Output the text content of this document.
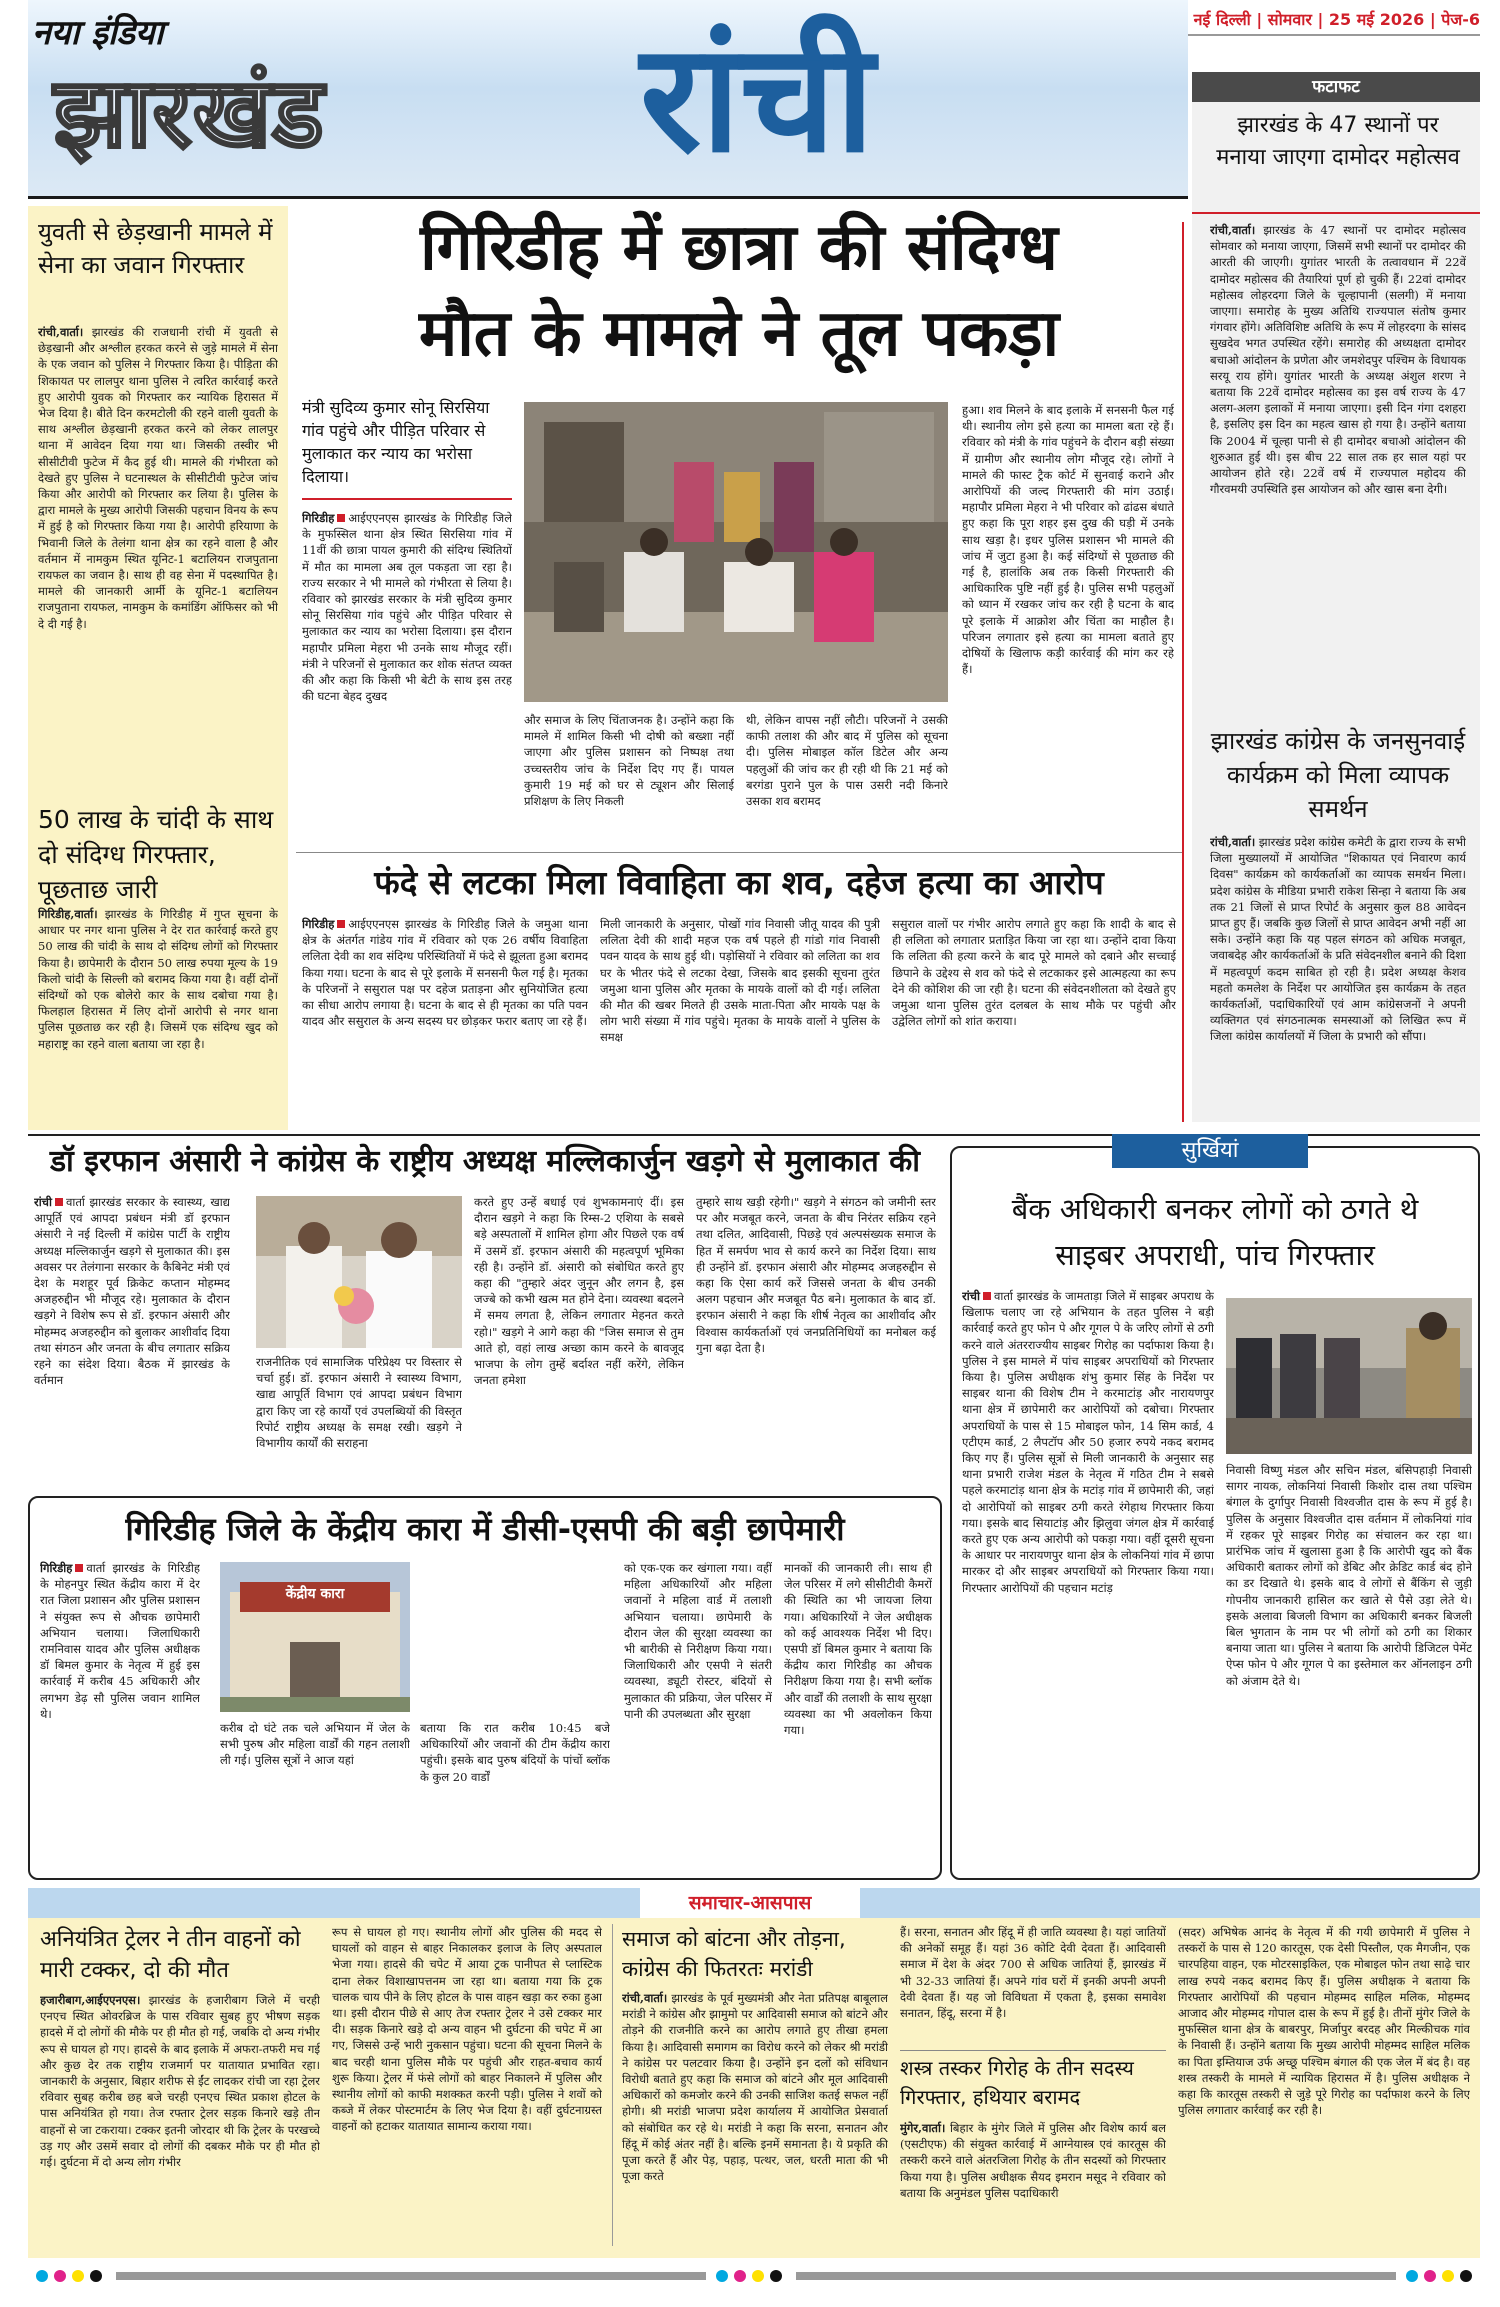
नया इंडिया
झारखंड रांची	नई दिल्ली | सोमवार | 25 मई 2026 | पेज-6
फटाफट
झारखंड के 47 स्थानों पर मनाया जाएगा दामोदर महोत्सव
रांची,वार्ता। झारखंड के 47 स्थानों पर दामोदर महोत्सव सोमवार को मनाया जाएगा, जिसमें सभी स्थानों पर दामोदर की आरती की जाएगी। युगांतर भारती के तत्वावधान में 22वें दामोदर महोत्सव की तैयारियां पूर्ण हो चुकी हैं। 22वां दामोदर महोत्सव लोहरदगा जिले के चूल्हापानी (सलगी) में मनाया जाएगा। समारोह के मुख्य अतिथि राज्यपाल संतोष कुमार गंगवार होंगे। अतिविशिष्ट अतिथि के रूप में लोहरदगा के सांसद सुखदेव भगत उपस्थित रहेंगे। समारोह की अध्यक्षता दामोदर बचाओ आंदोलन के प्रणेता और जमशेदपुर पश्चिम के विधायक सरयू राय होंगे। युगांतर भारती के अध्यक्ष अंशुल शरण ने बताया कि 22वें दामोदर महोत्सव का इस वर्ष राज्य के 47 अलग-अलग इलाकों में मनाया जाएगा। इसी दिन गंगा दशहरा है, इसलिए इस दिन का महत्व खास हो गया है। उन्होंने बताया कि 2004 में चूल्हा पानी से ही दामोदर बचाओ आंदोलन की शुरुआत हुई थी। इस बीच 22 साल तक हर साल यहां पर आयोजन होते रहे। 22वें वर्ष में राज्यपाल महोदय की गौरवमयी उपस्थिति इस आयोजन को और खास बना देगी।
झारखंड कांग्रेस के जनसुनवाई कार्यक्रम को मिला व्यापक समर्थन
रांची,वार्ता। झारखंड प्रदेश कांग्रेस कमेटी के द्वारा राज्य के सभी जिला मुख्यालयों में आयोजित "शिकायत एवं निवारण कार्य दिवस" कार्यक्रम को कार्यकर्ताओं का व्यापक समर्थन मिला। प्रदेश कांग्रेस के मीडिया प्रभारी राकेश सिन्हा ने बताया कि अब तक 21 जिलों से प्राप्त रिपोर्ट के अनुसार कुल 88 आवेदन प्राप्त हुए हैं। जबकि कुछ जिलों से प्राप्त आवेदन अभी नहीं आ सके। उन्होंने कहा कि यह पहल संगठन को अधिक मजबूत, जवाबदेह और कार्यकर्ताओं के प्रति संवेदनशील बनाने की दिशा में महत्वपूर्ण कदम साबित हो रही है। प्रदेश अध्यक्ष केशव महतो कमलेश के निर्देश पर आयोजित इस कार्यक्रम के तहत कार्यकर्ताओं, पदाधिकारियों एवं आम कांग्रेसजनों ने अपनी व्यक्तिगत एवं संगठनात्मक समस्याओं को लिखित रूप में जिला कांग्रेस कार्यालयों में जिला के प्रभारी को सौंपा।
युवती से छेड़खानी मामले में सेना का जवान गिरफ्तार
रांची,वार्ता। झारखंड की राजधानी रांची में युवती से छेड़खानी और अश्लील हरकत करने से जुड़े मामले में सेना के एक जवान को पुलिस ने गिरफ्तार किया है। पीड़िता की शिकायत पर लालपुर थाना पुलिस ने त्वरित कार्रवाई करते हुए आरोपी युवक को गिरफ्तार कर न्यायिक हिरासत में भेज दिया है। बीते दिन करमटोली की रहने वाली युवती के साथ अश्लील छेड़खानी हरकत करने को लेकर लालपुर थाना में आवेदन दिया गया था। जिसकी तस्वीर भी सीसीटीवी फुटेज में कैद हुई थी। मामले की गंभीरता को देखते हुए पुलिस ने घटनास्थल के सीसीटीवी फुटेज जांच किया और आरोपी को गिरफ्तार कर लिया है। पुलिस के द्वारा मामले के मुख्य आरोपी जिसकी पहचान विनय के रूप में हुई है को गिरफ्तार किया गया है। आरोपी हरियाणा के भिवानी जिले के तेलंगा थाना क्षेत्र का रहने वाला है और वर्तमान में नामकुम स्थित यूनिट-1 बटालियन राजपुताना रायफल का जवान है। साथ ही वह सेना में पदस्थापित है। मामले की जानकारी आर्मी के यूनिट-1 बटालियन राजपुताना रायफल, नामकुम के कमांडिंग ऑफिसर को भी दे दी गई है।
50 लाख के चांदी के साथ दो संदिग्ध गिरफ्तार, पूछताछ जारी
गिरिडीह,वार्ता। झारखंड के गिरिडीह में गुप्त सूचना के आधार पर नगर थाना पुलिस ने देर रात कार्रवाई करते हुए 50 लाख की चांदी के साथ दो संदिग्ध लोगों को गिरफ्तार किया है। छापेमारी के दौरान 50 लाख रुपया मूल्य के 19 किलो चांदी के सिल्ली को बरामद किया गया है। वहीं दोनों संदिग्धों को एक बोलेरो कार के साथ दबोचा गया है। फिलहाल हिरासत में लिए दोनों आरोपी से नगर थाना पुलिस पूछताछ कर रही है। जिसमें एक संदिग्ध खुद को महाराष्ट्र का रहने वाला बताया जा रहा है।
गिरिडीह में छात्रा की संदिग्ध
मौत के मामले ने तूल पकड़ा
मंत्री सुदिव्य कुमार सोनू सिरसिया गांव पहुंचे और पीड़ित परिवार से मुलाकात कर न्याय का भरोसा दिलाया।
गिरिडीह आईएएनएस झारखंड के गिरिडीह जिले के मुफस्सिल थाना क्षेत्र स्थित सिरसिया गांव में 11वीं की छात्रा पायल कुमारी की संदिग्ध स्थितियों में मौत का मामला अब तूल पकड़ता जा रहा है। राज्य सरकार ने भी मामले को गंभीरता से लिया है। रविवार को झारखंड सरकार के मंत्री सुदिव्य कुमार सोनू सिरसिया गांव पहुंचे और पीड़ित परिवार से मुलाकात कर न्याय का भरोसा दिलाया। इस दौरान महापौर प्रमिला मेहरा भी उनके साथ मौजूद रहीं। मंत्री ने परिजनों से मुलाकात कर शोक संतप्त व्यक्त की और कहा कि किसी भी बेटी के साथ इस तरह की घटना बेहद दुखद
और समाज के लिए चिंताजनक है। उन्होंने कहा कि मामले में शामिल किसी भी दोषी को बख्शा नहीं जाएगा और पुलिस प्रशासन को निष्पक्ष तथा उच्चस्तरीय जांच के निर्देश दिए गए हैं। पायल कुमारी 19 मई को घर से ट्यूशन और सिलाई प्रशिक्षण के लिए निकली
थी, लेकिन वापस नहीं लौटी। परिजनों ने उसकी काफी तलाश की और बाद में पुलिस को सूचना दी। पुलिस मोबाइल कॉल डिटेल और अन्य पहलुओं की जांच कर ही रही थी कि 21 मई को बरगंडा पुराने पुल के पास उसरी नदी किनारे उसका शव बरामद
हुआ। शव मिलने के बाद इलाके में सनसनी फैल गई थी। स्थानीय लोग इसे हत्या का मामला बता रहे हैं। रविवार को मंत्री के गांव पहुंचने के दौरान बड़ी संख्या में ग्रामीण और स्थानीय लोग मौजूद रहे। लोगों ने मामले की फास्ट ट्रैक कोर्ट में सुनवाई कराने और आरोपियों की जल्द गिरफ्तारी की मांग उठाई। महापौर प्रमिला मेहरा ने भी परिवार को ढांढस बंधाते हुए कहा कि पूरा शहर इस दुख की घड़ी में उनके साथ खड़ा है। इधर पुलिस प्रशासन भी मामले की जांच में जुटा हुआ है। कई संदिग्धों से पूछताछ की गई है, हालांकि अब तक किसी गिरफ्तारी की आधिकारिक पुष्टि नहीं हुई है। पुलिस सभी पहलुओं को ध्यान में रखकर जांच कर रही है घटना के बाद पूरे इलाके में आक्रोश और चिंता का माहौल है। परिजन लगातार इसे हत्या का मामला बताते हुए दोषियों के खिलाफ कड़ी कार्रवाई की मांग कर रहे हैं।
फंदे से लटका मिला विवाहिता का शव, दहेज हत्या का आरोप
गिरिडीह आईएएनएस झारखंड के गिरिडीह जिले के जमुआ थाना क्षेत्र के अंतर्गत गांडेय गांव में रविवार को एक 26 वर्षीय विवाहिता ललिता देवी का शव संदिग्ध परिस्थितियों में फंदे से झूलता हुआ बरामद किया गया। घटना के बाद से पूरे इलाके में सनसनी फैल गई है। मृतका के परिजनों ने ससुराल पक्ष पर दहेज प्रताड़ना और सुनियोजित हत्या का सीधा आरोप लगाया है। घटना के बाद से ही मृतका का पति पवन यादव और ससुराल के अन्य सदस्य घर छोड़कर फरार बताए जा रहे हैं।
मिली जानकारी के अनुसार, पोखों गांव निवासी जीतू यादव की पुत्री ललिता देवी की शादी महज एक वर्ष पहले ही गांडो गांव निवासी पवन यादव के साथ हुई थी। पड़ोसियों ने रविवार को ललिता का शव घर के भीतर फंदे से लटका देखा, जिसके बाद इसकी सूचना तुरंत जमुआ थाना पुलिस और मृतका के मायके वालों को दी गई। ललिता की मौत की खबर मिलते ही उसके माता-पिता और मायके पक्ष के लोग भारी संख्या में गांव पहुंचे। मृतका के मायके वालों ने पुलिस के समक्ष
ससुराल वालों पर गंभीर आरोप लगाते हुए कहा कि शादी के बाद से ही ललिता को लगातार प्रताड़ित किया जा रहा था। उन्होंने दावा किया कि ललिता की हत्या करने के बाद पूरे मामले को दबाने और सच्चाई छिपाने के उद्देश्य से शव को फंदे से लटकाकर इसे आत्महत्या का रूप देने की कोशिश की जा रही है। घटना की संवेदनशीलता को देखते हुए जमुआ थाना पुलिस तुरंत दलबल के साथ मौके पर पहुंची और उद्वेलित लोगों को शांत कराया।
डॉ इरफान अंसारी ने कांग्रेस के राष्ट्रीय अध्यक्ष मल्लिकार्जुन खड़गे से मुलाकात की
रांची वार्ता झारखंड सरकार के स्वास्थ्य, खाद्य आपूर्ति एवं आपदा प्रबंधन मंत्री डॉ इरफान अंसारी ने नई दिल्ली में कांग्रेस पार्टी के राष्ट्रीय अध्यक्ष मल्लिकार्जुन खड़गे से मुलाकात की। इस अवसर पर तेलंगाना सरकार के कैबिनेट मंत्री एवं देश के मशहूर पूर्व क्रिकेट कप्तान मोहम्मद अजहरुद्दीन भी मौजूद रहे। मुलाकात के दौरान खड़गे ने विशेष रूप से डॉ. इरफान अंसारी और मोहम्मद अजहरुद्दीन को बुलाकर आशीर्वाद दिया तथा संगठन और जनता के बीच लगातार सक्रिय रहने का संदेश दिया। बैठक में झारखंड के वर्तमान
राजनीतिक एवं सामाजिक परिप्रेक्ष्य पर विस्तार से चर्चा हुई। डॉ. इरफान अंसारी ने स्वास्थ्य विभाग, खाद्य आपूर्ति विभाग एवं आपदा प्रबंधन विभाग द्वारा किए जा रहे कार्यों एवं उपलब्धियों की विस्तृत रिपोर्ट राष्ट्रीय अध्यक्ष के समक्ष रखी। खड़गे ने विभागीय कार्यों की सराहना
करते हुए उन्हें बधाई एवं शुभकामनाएं दीं। इस दौरान खड़गे ने कहा कि रिम्स-2 एशिया के सबसे बड़े अस्पतालों में शामिल होगा और पिछले एक वर्ष में उसमें डॉ. इरफान अंसारी की महत्वपूर्ण भूमिका रही है। उन्होंने डॉ. अंसारी को संबोधित करते हुए कहा की "तुम्हारे अंदर जुनून और लगन है, इस जज्बे को कभी खत्म मत होने देना। व्यवस्था बदलने में समय लगता है, लेकिन लगातार मेहनत करते रहो।" खड़गे ने आगे कहा की "जिस समाज से तुम आते हो, वहां लाख अच्छा काम करने के बावजूद भाजपा के लोग तुम्हें बर्दाश्त नहीं करेंगे, लेकिन जनता हमेशा
तुम्हारे साथ खड़ी रहेगी।" खड़गे ने संगठन को जमीनी स्तर पर और मजबूत करने, जनता के बीच निरंतर सक्रिय रहने तथा दलित, आदिवासी, पिछड़े एवं अल्पसंख्यक समाज के हित में समर्पण भाव से कार्य करने का निर्देश दिया। साथ ही उन्होंने डॉ. इरफान अंसारी और मोहम्मद अजहरुद्दीन से कहा कि ऐसा कार्य करें जिससे जनता के बीच उनकी अलग पहचान और मजबूत पैठ बने। मुलाकात के बाद डॉ. इरफान अंसारी ने कहा कि शीर्ष नेतृत्व का आशीर्वाद और विश्वास कार्यकर्ताओं एवं जनप्रतिनिधियों का मनोबल कई गुना बढ़ा देता है।
गिरिडीह जिले के केंद्रीय कारा में डीसी-एसपी की बड़ी छापेमारी
गिरिडीह वार्ता झारखंड के गिरिडीह के मोहनपुर स्थित केंद्रीय कारा में देर रात जिला प्रशासन और पुलिस प्रशासन ने संयुक्त रूप से औचक छापेमारी अभियान चलाया। जिलाधिकारी रामनिवास यादव और पुलिस अधीक्षक डॉ बिमल कुमार के नेतृत्व में हुई इस कार्रवाई में करीब 45 अधिकारी और लगभग डेढ़ सौ पुलिस जवान शामिल थे।
केंद्रीय कारा
करीब दो घंटे तक चले अभियान में जेल के सभी पुरुष और महिला वार्डों की गहन तलाशी ली गई। पुलिस सूत्रों ने आज यहां
बताया कि रात करीब 10:45 बजे अधिकारियों और जवानों की टीम केंद्रीय कारा पहुंची। इसके बाद पुरुष बंदियों के पांचों ब्लॉक के कुल 20 वार्डों
को एक-एक कर खंगाला गया। वहीं महिला अधिकारियों और महिला जवानों ने महिला वार्ड में तलाशी अभियान चलाया। छापेमारी के दौरान जेल की सुरक्षा व्यवस्था का भी बारीकी से निरीक्षण किया गया। जिलाधिकारी और एसपी ने संतरी व्यवस्था, ड्यूटी रोस्टर, बंदियों से मुलाकात की प्रक्रिया, जेल परिसर में पानी की उपलब्धता और सुरक्षा
मानकों की जानकारी ली। साथ ही जेल परिसर में लगे सीसीटीवी कैमरों की स्थिति का भी जायजा लिया गया। अधिकारियों ने जेल अधीक्षक को कई आवश्यक निर्देश भी दिए। एसपी डॉ बिमल कुमार ने बताया कि केंद्रीय कारा गिरिडीह का औचक निरीक्षण किया गया है। सभी ब्लॉक और वार्डों की तलाशी के साथ सुरक्षा व्यवस्था का भी अवलोकन किया गया।
सुर्खियां
बैंक अधिकारी बनकर लोगों को ठगते थे
साइबर अपराधी, पांच गिरफ्तार
रांची वार्ता झारखंड के जामताड़ा जिले में साइबर अपराध के खिलाफ चलाए जा रहे अभियान के तहत पुलिस ने बड़ी कार्रवाई करते हुए फोन पे और गूगल पे के जरिए लोगों से ठगी करने वाले अंतरराज्यीय साइबर गिरोह का पर्दाफाश किया है। पुलिस ने इस मामले में पांच साइबर अपराधियों को गिरफ्तार किया है। पुलिस अधीक्षक शंभु कुमार सिंह के निर्देश पर साइबर थाना की विशेष टीम ने करमाटांड़ और नारायणपुर थाना क्षेत्र में छापेमारी कर आरोपियों को दबोचा। गिरफ्तार अपराधियों के पास से 15 मोबाइल फोन, 14 सिम कार्ड, 4 एटीएम कार्ड, 2 लैपटॉप और 50 हजार रुपये नकद बरामद किए गए हैं। पुलिस सूत्रों से मिली जानकारी के अनुसार सह थाना प्रभारी राजेश मंडल के नेतृत्व में गठित टीम ने सबसे पहले करमाटांड़ थाना क्षेत्र के मटांड़ गांव में छापेमारी की, जहां दो आरोपियों को साइबर ठगी करते रंगेहाथ गिरफ्तार किया गया। इसके बाद सियाटांड़ और झिलुवा जंगल क्षेत्र में कार्रवाई करते हुए एक अन्य आरोपी को पकड़ा गया। वहीं दूसरी सूचना के आधार पर नारायणपुर थाना क्षेत्र के लोकनियां गांव में छापा मारकर दो और साइबर अपराधियों को गिरफ्तार किया गया। गिरफ्तार आरोपियों की पहचान मटांड़
निवासी विष्णु मंडल और सचिन मंडल, बंसिपहाड़ी निवासी सागर नायक, लोकनियां निवासी किशोर दास तथा पश्चिम बंगाल के दुर्गापुर निवासी विश्वजीत दास के रूप में हुई है। पुलिस के अनुसार विश्वजीत दास वर्तमान में लोकनियां गांव में रहकर पूरे साइबर गिरोह का संचालन कर रहा था। प्रारंभिक जांच में खुलासा हुआ है कि आरोपी खुद को बैंक अधिकारी बताकर लोगों को डेबिट और क्रेडिट कार्ड बंद होने का डर दिखाते थे। इसके बाद वे लोगों से बैंकिंग से जुड़ी गोपनीय जानकारी हासिल कर खाते से पैसे उड़ा लेते थे। इसके अलावा बिजली विभाग का अधिकारी बनकर बिजली बिल भुगतान के नाम पर भी लोगों को ठगी का शिकार बनाया जाता था। पुलिस ने बताया कि आरोपी डिजिटल पेमेंट ऐप्स फोन पे और गूगल पे का इस्तेमाल कर ऑनलाइन ठगी को अंजाम देते थे।
समाचार-आसपास
अनियंत्रित ट्रेलर ने तीन वाहनों को मारी टक्कर, दो की मौत
हजारीबाग,आईएएनएस। झारखंड के हजारीबाग जिले में चरही एनएच स्थित ओवरब्रिज के पास रविवार सुबह हुए भीषण सड़क हादसे में दो लोगों की मौके पर ही मौत हो गई, जबकि दो अन्य गंभीर रूप से घायल हो गए। हादसे के बाद इलाके में अफरा-तफरी मच गई और कुछ देर तक राष्ट्रीय राजमार्ग पर यातायात प्रभावित रहा। जानकारी के अनुसार, बिहार शरीफ से ईंट लादकर रांची जा रहा ट्रेलर रविवार सुबह करीब छह बजे चरही एनएच स्थित प्रकाश होटल के पास अनियंत्रित हो गया। तेज रफ्तार ट्रेलर सड़क किनारे खड़े तीन वाहनों से जा टकराया। टक्कर इतनी जोरदार थी कि ट्रेलर के परखच्चे उड़ गए और उसमें सवार दो लोगों की दबकर मौके पर ही मौत हो गई। दुर्घटना में दो अन्य लोग गंभीर
रूप से घायल हो गए। स्थानीय लोगों और पुलिस की मदद से घायलों को वाहन से बाहर निकालकर इलाज के लिए अस्पताल भेजा गया। हादसे की चपेट में आया ट्रक पानीपत से प्लास्टिक दाना लेकर विशाखापत्तनम जा रहा था। बताया गया कि ट्रक चालक चाय पीने के लिए होटल के पास वाहन खड़ा कर रुका हुआ था। इसी दौरान पीछे से आए तेज रफ्तार ट्रेलर ने उसे टक्कर मार दी। सड़क किनारे खड़े दो अन्य वाहन भी दुर्घटना की चपेट में आ गए, जिससे उन्हें भारी नुकसान पहुंचा। घटना की सूचना मिलने के बाद चरही थाना पुलिस मौके पर पहुंची और राहत-बचाव कार्य शुरू किया। ट्रेलर में फंसे लोगों को बाहर निकालने में पुलिस और स्थानीय लोगों को काफी मशक्कत करनी पड़ी। पुलिस ने शवों को कब्जे में लेकर पोस्टमार्टम के लिए भेज दिया है। वहीं दुर्घटनाग्रस्त वाहनों को हटाकर यातायात सामान्य कराया गया।
समाज को बांटना और तोड़ना, कांग्रेस की फितरतः मरांडी
रांची,वार्ता। झारखंड के पूर्व मुख्यमंत्री और नेता प्रतिपक्ष बाबूलाल मरांडी ने कांग्रेस और झामुमो पर आदिवासी समाज को बांटने और तोड़ने की राजनीति करने का आरोप लगाते हुए तीखा हमला किया है। आदिवासी समागम का विरोध करने को लेकर श्री मरांडी ने कांग्रेस पर पलटवार किया है। उन्होंने इन दलों को संविधान विरोधी बताते हुए कहा कि समाज को बांटने और मूल आदिवासी अधिकारों को कमजोर करने की उनकी साजिश कतई सफल नहीं होगी। श्री मरांडी भाजपा प्रदेश कार्यालय में आयोजित प्रेसवार्ता को संबोधित कर रहे थे। मरांडी ने कहा कि सरना, सनातन और हिंदू में कोई अंतर नहीं है। बल्कि इनमें समानता है। ये प्रकृति की पूजा करते हैं और पेड़, पहाड़, पत्थर, जल, धरती माता की भी पूजा करते
हैं। सरना, सनातन और हिंदू में ही जाति व्यवस्था है। यहां जातियों की अनेकों समूह हैं। यहां 36 कोटि देवी देवता हैं। आदिवासी समाज में देश के अंदर 700 से अधिक जातियां हैं, झारखंड में भी 32-33 जातियां हैं। अपने गांव घरों में इनकी अपनी अपनी देवी देवता हैं। यह जो विविधता में एकता है, इसका समावेश सनातन, हिंदू, सरना में है।
शस्त्र तस्कर गिरोह के तीन सदस्य गिरफ्तार, हथियार बरामद
मुंगेर,वार्ता। बिहार के मुंगेर जिले में पुलिस और विशेष कार्य बल (एसटीएफ) की संयुक्त कार्रवाई में आग्नेयास्त्र एवं कारतूस की तस्करी करने वाले अंतरजिला गिरोह के तीन सदस्यों को गिरफ्तार किया गया है। पुलिस अधीक्षक सैयद इमरान मसूद ने रविवार को बताया कि अनुमंडल पुलिस पदाधिकारी
(सदर) अभिषेक आनंद के नेतृत्व में की गयी छापेमारी में पुलिस ने तस्करों के पास से 120 कारतूस, एक देसी पिस्तौल, एक मैगजीन, एक चारपहिया वाहन, एक मोटरसाइकिल, एक मोबाइल फोन तथा साढ़े चार लाख रुपये नकद बरामद किए हैं। पुलिस अधीक्षक ने बताया कि गिरफ्तार आरोपियों की पहचान मोहम्मद साहिल मलिक, मोहम्मद आजाद और मोहम्मद गोपाल दास के रूप में हुई है। तीनों मुंगेर जिले के मुफस्सिल थाना क्षेत्र के बाबरपुर, मिर्जापुर बरदह और मिल्कीचक गांव के निवासी हैं। उन्होंने बताया कि मुख्य आरोपी मोहम्मद साहिल मलिक का पिता इम्तियाज उर्फ अच्छू पश्चिम बंगाल की एक जेल में बंद है। वह शस्त्र तस्करी के मामले में न्यायिक हिरासत में है। पुलिस अधीक्षक ने कहा कि कारतूस तस्करी से जुड़े पूरे गिरोह का पर्दाफाश करने के लिए पुलिस लगातार कार्रवाई कर रही है।
